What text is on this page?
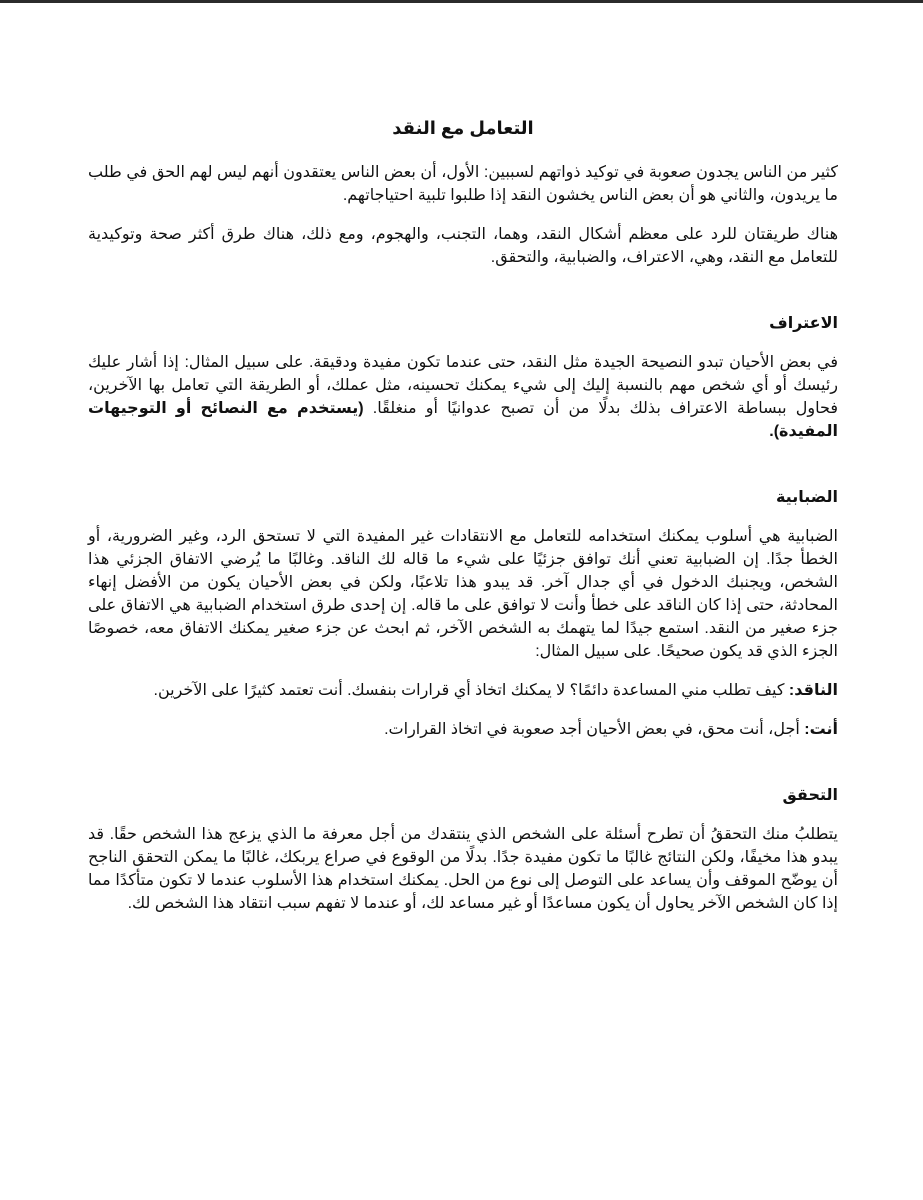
التعامل مع النقد

كثير من الناس يجدون صعوبة في توكيد ذواتهم لسببين: الأول، أن بعض الناس يعتقدون أنهم ليس لهم الحق في طلب ما يريدون، والثاني هو أن بعض الناس يخشون النقد إذا طلبوا تلبية احتياجاتهم.

هناك طريقتان للرد على معظم أشكال النقد، وهما، التجنب، والهجوم، ومع ذلك، هناك طرق أكثر صحة وتوكيدية للتعامل مع النقد، وهي، الاعتراف، والضبابية، والتحقق.

الاعتراف

في بعض الأحيان تبدو النصيحة الجيدة مثل النقد، حتى عندما تكون مفيدة ودقيقة. على سبيل المثال: إذا أشار عليك رئيسك أو أي شخص مهم بالنسبة إليك إلى شيء يمكنك تحسينه، مثل عملك، أو الطريقة التي تعامل بها الآخرين، فحاول ببساطة الاعتراف بذلك بدلًا من أن تصبح عدوانيًا أو منغلقًا. (يستخدم مع النصائح أو التوجيهات المفيدة).

الضبابية

الضبابية هي أسلوب يمكنك استخدامه للتعامل مع الانتقادات غير المفيدة التي لا تستحق الرد، وغير الضرورية، أو الخطأ جدًا. إن الضبابية تعني أنك توافق جزئيًا على شيء ما قاله لك الناقد. وغالبًا ما يُرضي الاتفاق الجزئي هذا الشخص، ويجنبك الدخول في أي جدال آخر. قد يبدو هذا تلاعبًا، ولكن في بعض الأحيان يكون من الأفضل إنهاء المحادثة، حتى إذا كان الناقد على خطأ وأنت لا توافق على ما قاله. إن إحدى طرق استخدام الضبابية هي الاتفاق على جزء صغير من النقد. استمع جيدًا لما يتهمك به الشخص الآخر، ثم ابحث عن جزء صغير يمكنك الاتفاق معه، خصوصًا الجزء الذي قد يكون صحيحًا. على سبيل المثال:

الناقد: كيف تطلب مني المساعدة دائمًا؟ لا يمكنك اتخاذ أي قرارات بنفسك. أنت تعتمد كثيرًا على الآخرين.

أنت: أجل، أنت محق، في بعض الأحيان أجد صعوبة في اتخاذ القرارات.

التحقق

يتطلبُ منك التحققُ أن تطرح أسئلة على الشخص الذي ينتقدك من أجل معرفة ما الذي يزعج هذا الشخص حقًا. قد يبدو هذا مخيفًا، ولكن النتائج غالبًا ما تكون مفيدة جدًا. بدلًا من الوقوع في صراع يربكك، غالبًا ما يمكن التحقق الناجح أن يوضّح الموقف وأن يساعد على التوصل إلى نوع من الحل. يمكنك استخدام هذا الأسلوب عندما لا تكون متأكدًا مما إذا كان الشخص الآخر يحاول أن يكون مساعدًا أو غير مساعد لك، أو عندما لا تفهم سبب انتقاد هذا الشخص لك.
